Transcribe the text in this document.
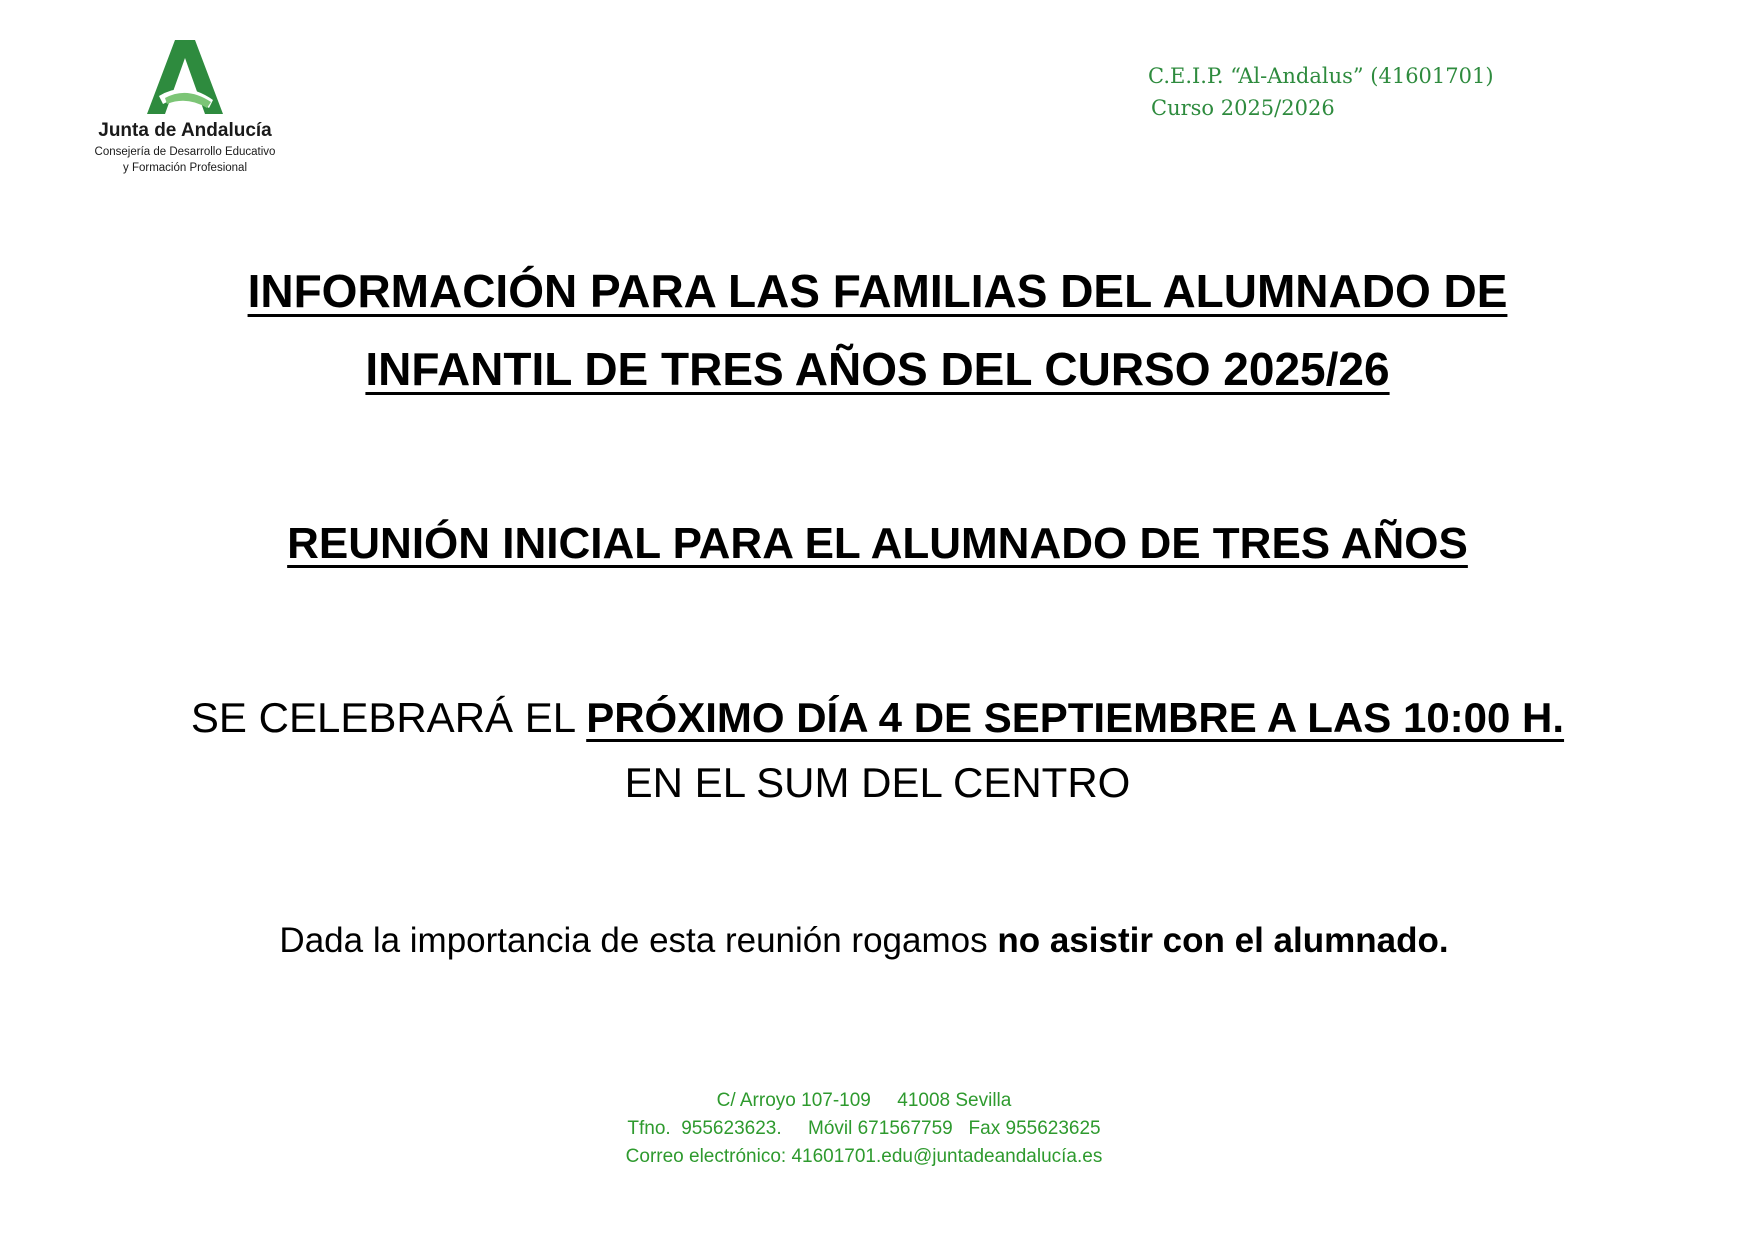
Junta de Andalucía
Consejería de Desarrollo Educativo
y Formación Profesional
C.E.I.P. “Al-Andalus” (41601701)
Curso 2025/2026
INFORMACIÓN PARA LAS FAMILIAS DEL ALUMNADO DE
INFANTIL DE TRES AÑOS DEL CURSO 2025/26
REUNIÓN INICIAL PARA EL ALUMNADO DE TRES AÑOS
SE CELEBRARÁ EL PRÓXIMO DÍA 4 DE SEPTIEMBRE A LAS 10:00 H.
EN EL SUM DEL CENTRO
Dada la importancia de esta reunión rogamos no asistir con el alumnado.
C/ Arroyo 107-109     41008 Sevilla
Tfno.  955623623.     Móvil 671567759   Fax 955623625
Correo electrónico: 41601701.edu@juntadeandalucía.es
